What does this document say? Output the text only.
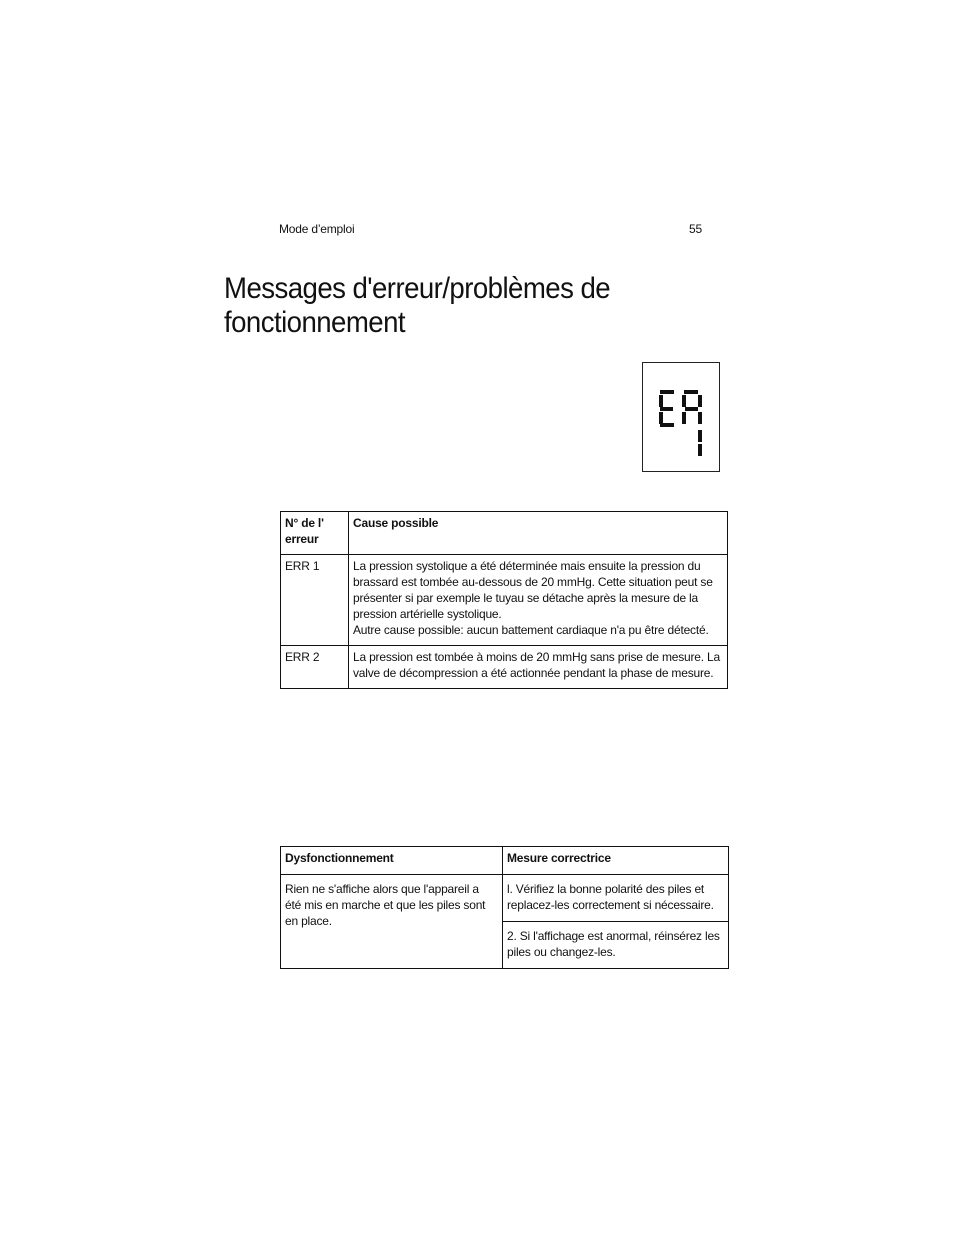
Mode d’emploi	55
Messages d'erreur/problèmes de fonctionnement
N° de l' erreur	Cause possible
ERR 1	La pression systolique a été déterminée mais ensuite la pression du brassard est tombée au-dessous de 20 mmHg. Cette situation peut se présenter si par exemple le tuyau se détache après la mesure de la pression artérielle systolique.
Autre cause possible: aucun battement cardiaque n'a pu être détecté.

ERR 2	La pression est tombée à moins de 20 mmHg sans prise de mesure. La valve de décompression a été actionnée pendant la phase de mesure.
Dysfonctionnement	Mesure correctrice
Rien ne s'affiche alors que l'appareil a été mis en marche et que les piles sont en place.	l. Vérifiez la bonne polarité des piles et replacez-les correctement si nécessaire.
	2. Si l'affichage est anormal, réinsérez les piles ou changez-les.
